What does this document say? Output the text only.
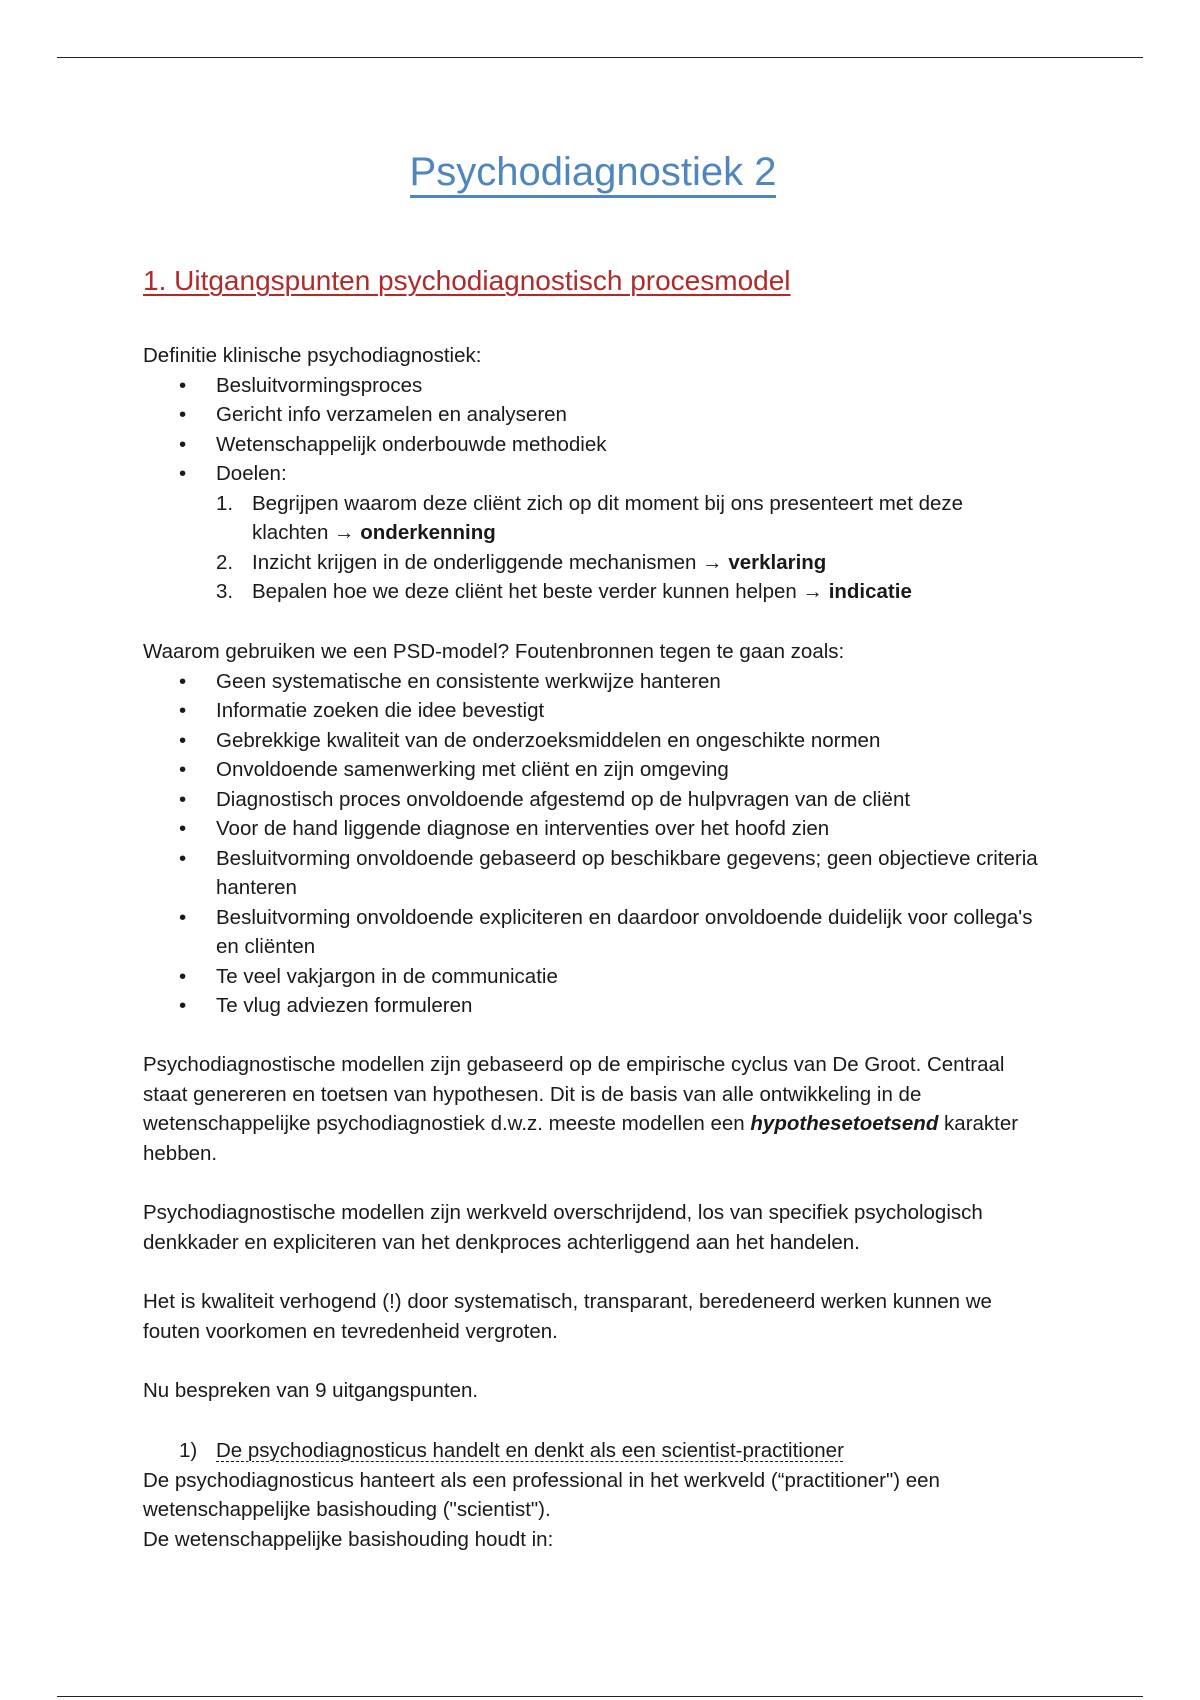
Psychodiagnostiek 2
1. Uitgangspunten psychodiagnostisch procesmodel

Definitie klinische psychodiagnostiek:

• Besluitvormingsproces
• Gericht info verzamelen en analyseren
• Wetenschappelijk onderbouwde methodiek
• Doelen:
1. Begrijpen waarom deze cliënt zich op dit moment bij ons presenteert met deze klachten → onderkenning
2. Inzicht krijgen in de onderliggende mechanismen → verklaring
3. Bepalen hoe we deze cliënt het beste verder kunnen helpen → indicatie

Waarom gebruiken we een PSD-model? Foutenbronnen tegen te gaan zoals:

• Geen systematische en consistente werkwijze hanteren
• Informatie zoeken die idee bevestigt
• Gebrekkige kwaliteit van de onderzoeksmiddelen en ongeschikte normen
• Onvoldoende samenwerking met cliënt en zijn omgeving
• Diagnostisch proces onvoldoende afgestemd op de hulpvragen van de cliënt
• Voor de hand liggende diagnose en interventies over het hoofd zien
• Besluitvorming onvoldoende gebaseerd op beschikbare gegevens; geen objectieve criteria hanteren
• Besluitvorming onvoldoende expliciteren en daardoor onvoldoende duidelijk voor collega's en cliënten
• Te veel vakjargon in de communicatie
• Te vlug adviezen formuleren

Psychodiagnostische modellen zijn gebaseerd op de empirische cyclus van De Groot. Centraal staat genereren en toetsen van hypothesen. Dit is de basis van alle ontwikkeling in de wetenschappelijke psychodiagnostiek d.w.z. meeste modellen een hypothesetoetsend karakter hebben.

Psychodiagnostische modellen zijn werkveld overschrijdend, los van specifiek psychologisch denkkader en expliciteren van het denkproces achterliggend aan het handelen.

Het is kwaliteit verhogend (!) door systematisch, transparant, beredeneerd werken kunnen we fouten voorkomen en tevredenheid vergroten.

Nu bespreken van 9 uitgangspunten.

1) De psychodiagnosticus handelt en denkt als een scientist-practitioner

De psychodiagnosticus hanteert als een professional in het werkveld (“practitioner") een wetenschappelijke basishouding ("scientist").

De wetenschappelijke basishouding houdt in:
